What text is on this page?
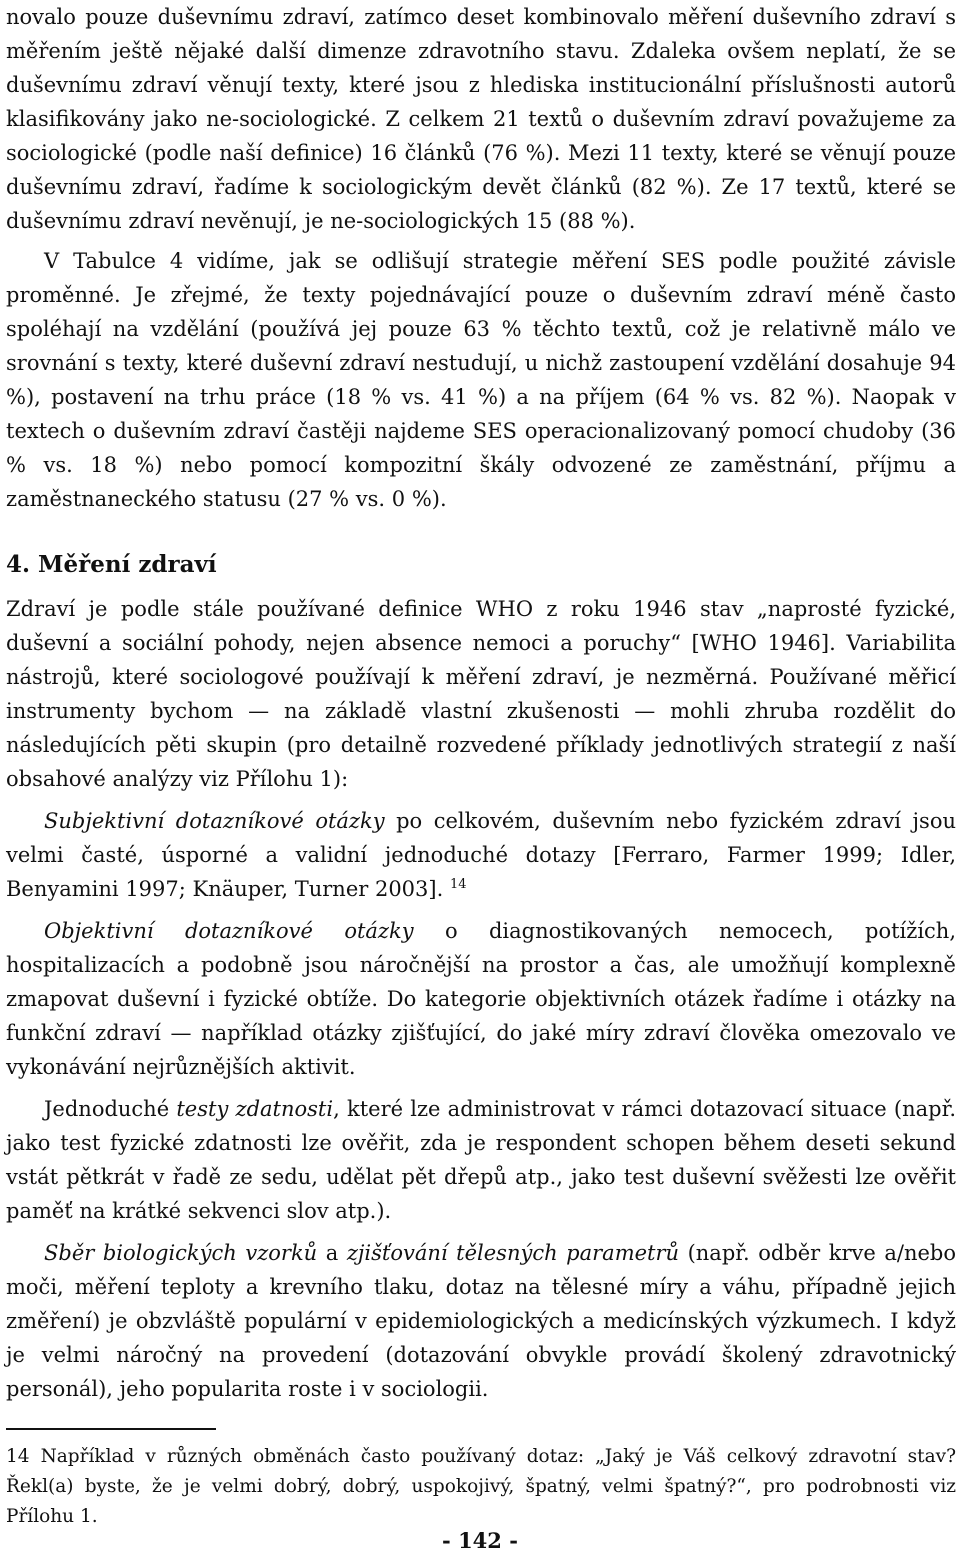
novalo pouze duševnímu zdraví, zatímco deset kombinovalo měření duševního zdraví s měřením ještě nějaké další dimenze zdravotního stavu. Zdaleka ovšem neplatí, že se duševnímu zdraví věnují texty, které jsou z hlediska institucionální příslušnosti autorů klasifikovány jako ne-sociologické. Z celkem 21 textů o duševním zdraví považujeme za sociologické (podle naší definice) 16 článků (76 %). Mezi 11 texty, které se věnují pouze duševnímu zdraví, řadíme k sociologickým devět článků (82 %). Ze 17 textů, které se duševnímu zdraví nevěnují, je ne-sociologických 15 (88 %).

V Tabulce 4 vidíme, jak se odlišují strategie měření SES podle použité závisle proměnné. Je zřejmé, že texty pojednávající pouze o duševním zdraví méně často spoléhají na vzdělání (používá jej pouze 63 % těchto textů, což je relativně málo ve srovnání s texty, které duševní zdraví nestudují, u nichž zastoupení vzdělání dosahuje 94 %), postavení na trhu práce (18 % vs. 41 %) a na příjem (64 % vs. 82 %). Naopak v textech o duševním zdraví častěji najdeme SES operacionalizovaný pomocí chudoby (36 % vs. 18 %) nebo pomocí kompozitní škály odvozené ze zaměstnání, příjmu a zaměstnaneckého statusu (27 % vs. 0 %).

4. Měření zdraví

Zdraví je podle stále používané definice WHO z roku 1946 stav „naprosté fyzické, duševní a sociální pohody, nejen absence nemoci a poruchy“ [WHO 1946]. Variabilita nástrojů, které sociologové používají k měření zdraví, je nezměrná. Používané měřicí instrumenty bychom — na základě vlastní zkušenosti — mohli zhruba rozdělit do následujících pěti skupin (pro detailně rozvedené příklady jednotlivých strategií z naší obsahové analýzy viz Přílohu 1):

Subjektivní dotazníkové otázky po celkovém, duševním nebo fyzickém zdraví jsou velmi časté, úsporné a validní jednoduché dotazy [Ferraro, Farmer 1999; Idler, Benyamini 1997; Knäuper, Turner 2003]. $^{14}$

Objektivní dotazníkové otázky o diagnostikovaných nemocech, potížích, hospitalizacích a podobně jsou náročnější na prostor a čas, ale umožňují komplexně zmapovat duševní i fyzické obtíže. Do kategorie objektivních otázek řadíme i otázky na funkční zdraví — například otázky zjišťující, do jaké míry zdraví člověka omezovalo ve vykonávání nejrůznějších aktivit.

Jednoduché testy zdatnosti, které lze administrovat v rámci dotazovací situace (např. jako test fyzické zdatnosti lze ověřit, zda je respondent schopen během deseti sekund vstát pětkrát v řadě ze sedu, udělat pět dřepů atp., jako test duševní svěžesti lze ověřit paměť na krátké sekvenci slov atp.).

Sběr biologických vzorků a zjišťování tělesných parametrů (např. odběr krve a/nebo moči, měření teploty a krevního tlaku, dotaz na tělesné míry a váhu, případně jejich změření) je obzvláště populární v epidemiologických a medicínských výzkumech. I když je velmi náročný na provedení (dotazování obvykle provádí školený zdravotnický personál), jeho popularita roste i v sociologii.

14 Například v různých obměnách často používaný dotaz: „Jaký je Váš celkový zdravotní stav? Řekl(a) byste, že je velmi dobrý, dobrý, uspokojivý, špatný, velmi špatný?“, pro podrobnosti viz Přílohu 1.

- 142 -
